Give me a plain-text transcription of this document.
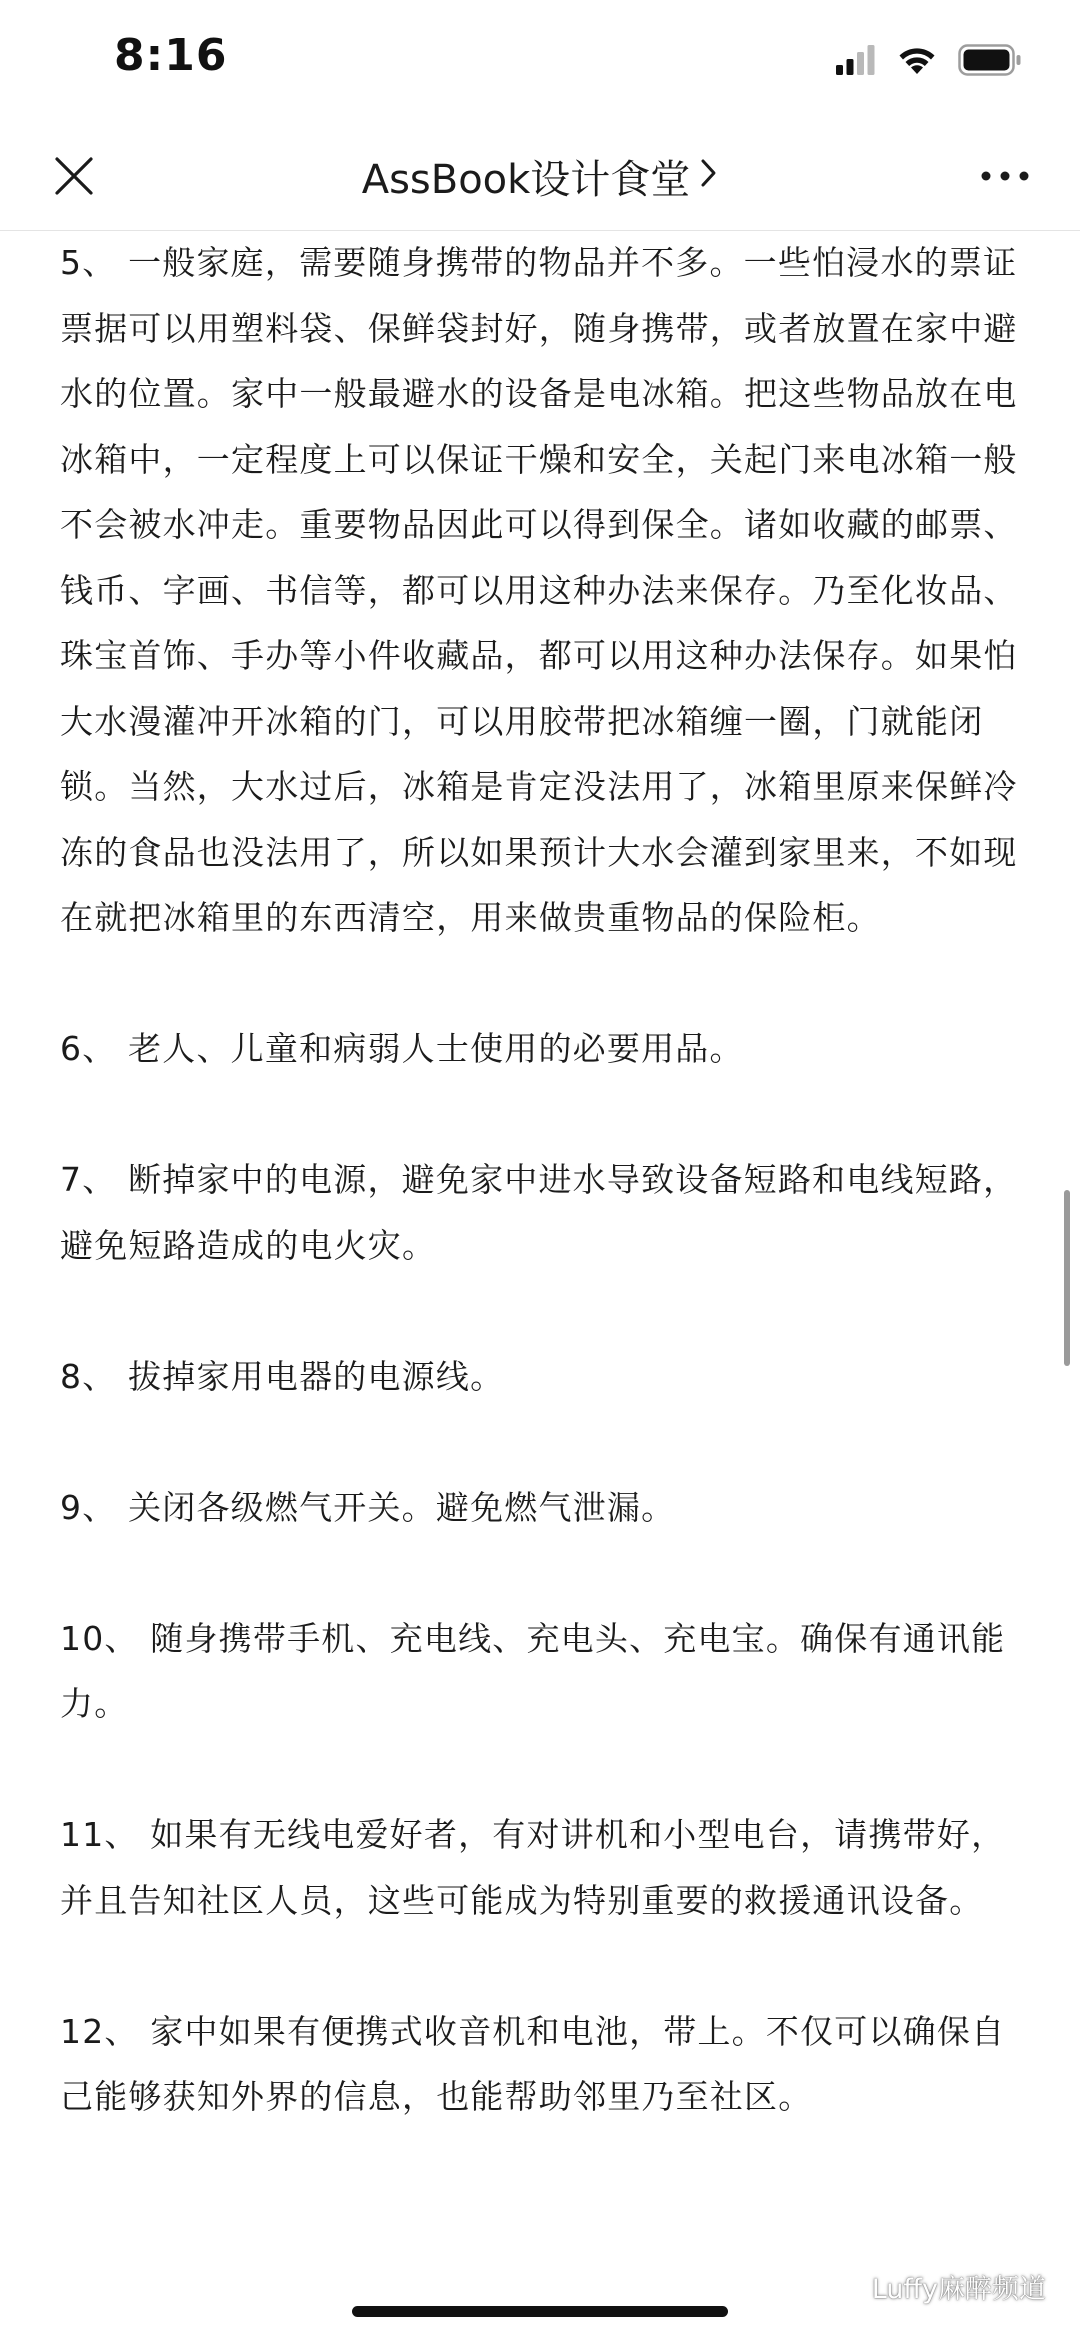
8:16
AssBook设计食堂

5、 一般家庭，需要随身携带的物品并不多。一些怕浸水的票证票据可以用塑料袋、保鲜袋封好，随身携带，或者放置在家中避水的位置。家中一般最避水的设备是电冰箱。把这些物品放在电冰箱中，一定程度上可以保证干燥和安全，关起门来电冰箱一般不会被水冲走。重要物品因此可以得到保全。诸如收藏的邮票、钱币、字画、书信等，都可以用这种办法来保存。乃至化妆品、珠宝首饰、手办等小件收藏品，都可以用这种办法保存。如果怕大水漫灌冲开冰箱的门，可以用胶带把冰箱缠一圈，门就能闭锁。当然，大水过后，冰箱是肯定没法用了，冰箱里原来保鲜冷冻的食品也没法用了，所以如果预计大水会灌到家里来，不如现在就把冰箱里的东西清空，用来做贵重物品的保险柜。

6、 老人、儿童和病弱人士使用的必要用品。

7、 断掉家中的电源，避免家中进水导致设备短路和电线短路，避免短路造成的电火灾。

8、 拔掉家用电器的电源线。

9、 关闭各级燃气开关。避免燃气泄漏。

10、 随身携带手机、充电线、充电头、充电宝。确保有通讯能力。

11、 如果有无线电爱好者，有对讲机和小型电台，请携带好，并且告知社区人员，这些可能成为特别重要的救援通讯设备。

12、 家中如果有便携式收音机和电池，带上。不仅可以确保自己能够获知外界的信息，也能帮助邻里乃至社区。

Luffy麻醉频道
